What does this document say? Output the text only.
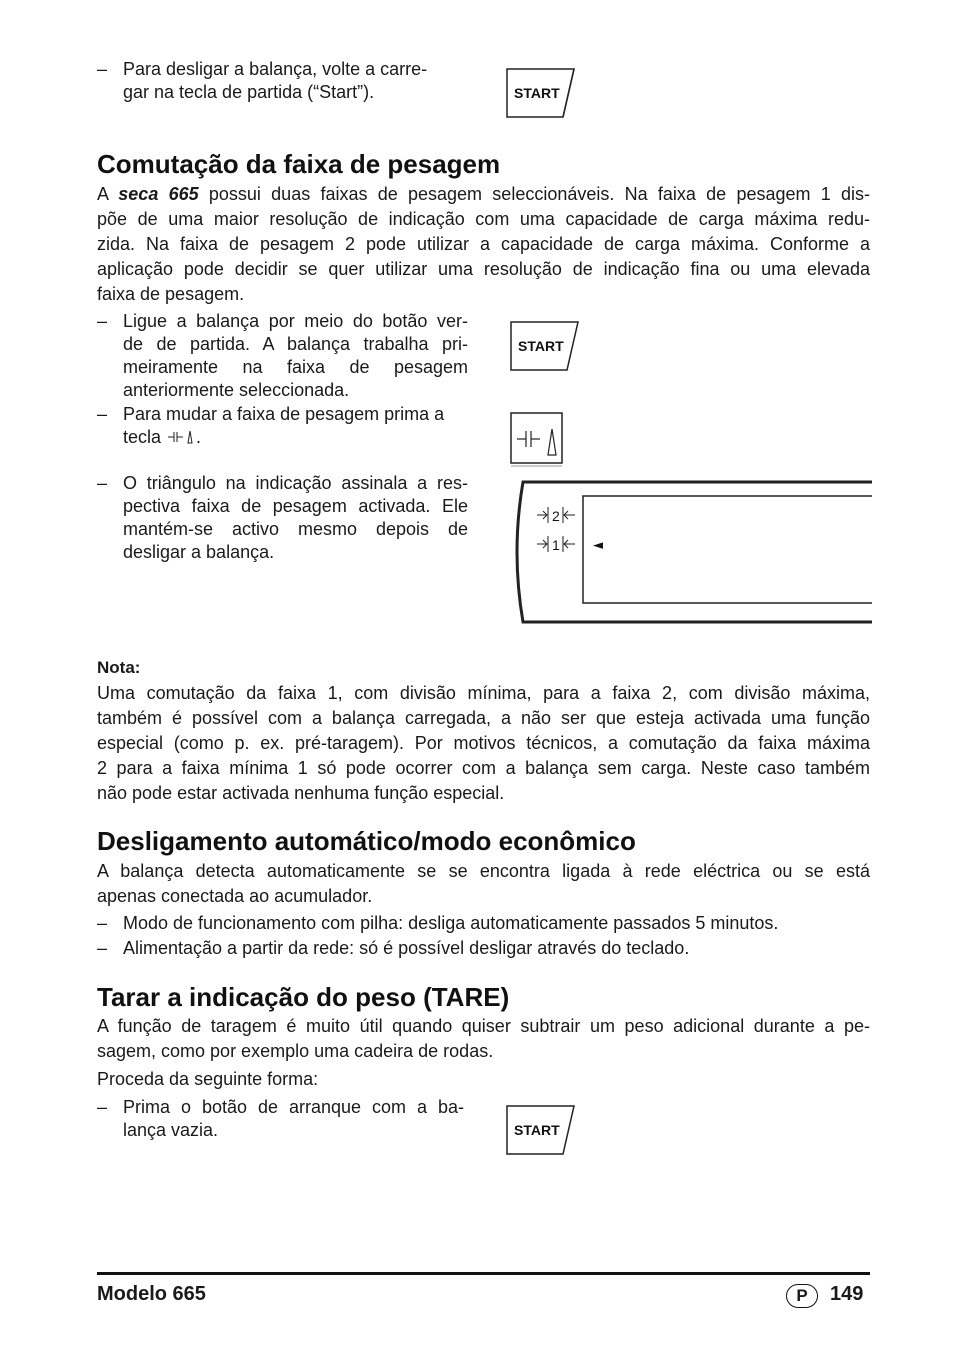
– Para desligar a balança, volte a carre-
gar na tecla de partida (“Start”).	START
Comutação da faixa de pesagem
A seca 665 possui duas faixas de pesagem seleccionáveis. Na faixa de pesagem 1 dis-
põe de uma maior resolução de indicação com uma capacidade de carga máxima redu-
zida. Na faixa de pesagem 2 pode utilizar a capacidade de carga máxima. Conforme a
aplicação pode decidir se quer utilizar uma resolução de indicação fina ou uma elevada
faixa de pesagem.
– Ligue a balança por meio do botão ver-
de de partida. A balança trabalha pri-
meiramente na faixa de pesagem
anteriormente seleccionada.
START
– Para mudar a faixa de pesagem prima a
tecla .
– O triângulo na indicação assinala a res-
pectiva faixa de pesagem activada. Ele
mantém-se activo mesmo depois de
desligar a balança.
2
1	◄
Nota:
Uma comutação da faixa 1, com divisão mínima, para a faixa 2, com divisão máxima,
também é possível com a balança carregada, a não ser que esteja activada uma função
especial (como p. ex. pré-taragem). Por motivos técnicos, a comutação da faixa máxima
2 para a faixa mínima 1 só pode ocorrer com a balança sem carga. Neste caso também
não pode estar activada nenhuma função especial.
Desligamento automático/modo econômico
A balança detecta automaticamente se se encontra ligada à rede eléctrica ou se está
apenas conectada ao acumulador.
– Modo de funcionamento com pilha: desliga automaticamente passados 5 minutos.
– Alimentação a partir da rede: só é possível desligar através do teclado.
Tarar a indicação do peso (TARE)
A função de taragem é muito útil quando quiser subtrair um peso adicional durante a pe-
sagem, como por exemplo uma cadeira de rodas.
Proceda da seguinte forma:
– Prima o botão de arranque com a ba-
lança vazia.	START
Modelo 665	P	149
